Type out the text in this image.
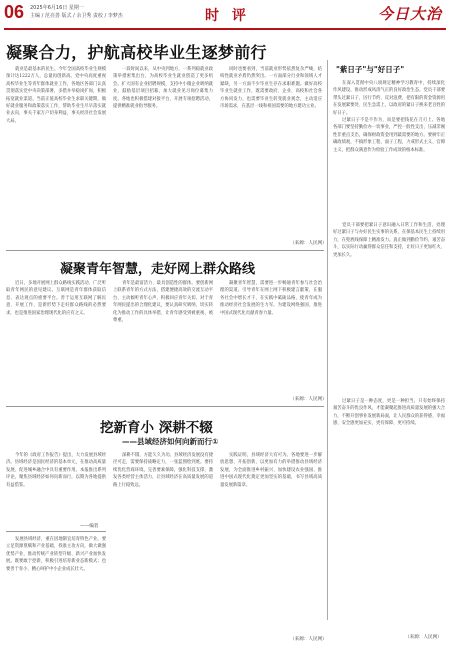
06 2025年6月16日 星期一
主编 / 范亮善 版式 / 余卫秀 责校 / 李梦杰	时 评	今日大治
凝聚合力，护航高校毕业生逐梦前行

就业是最基本的民生。今年全国高校毕业生规模预计达1222万人，总量再创新高。党中央高度重视高校毕业生等青年群体就业工作，各地区各部门认真贯彻落实党中央决策部署，多措并举稳岗扩岗，积极拓宽就业渠道。当前正值高校毕业生求职关键期，做好就业服务和政策落实工作，帮助毕业生尽早落实就业去向，事关千家万户切身利益，事关经济社会发展大局。

一段时间以来，从中央到地方，一系列稳就业政策举措密集出台，为高校毕业生就业创造了更多机会。扩大国有企业招聘规模，支持中小微企业吸纳就业，鼓励基层项目招募，加大就业见习岗位募集力度。各地也积极搭建对接平台，开展专项招聘活动，提供精准就业指导服务。

同时也要看到，当前就业形势依然复杂严峻，结构性就业矛盾仍然突出。一方面部分行业和领域人才紧缺，另一方面不少毕业生存在求职难题。做好高校毕业生就业工作，既需要政府、企业、高校和社会各方协同发力，也需要毕业生转变就业观念，主动适应市场需求，在基层一线和祖国需要的地方建功立业。

（来源：人民网）
"紫日子"与"好日子"

在深入贯彻中央八项规定精神学习教育中，持续深化作风建设，推动形成风清气正的良好政治生态。党员干部要带头过紧日子，厉行节约、反对浪费，把有限的资金资源用在发展紧要处、民生急需上，以政府的紧日子换来老百姓的好日子。

过紧日子不是不作为，而是要把钱花在刀刃上。各地各部门要坚持勤俭办一切事业，严控一般性支出，压减非刚性非重点支出，确保财政资金用到最需要的地方。要树牢正确政绩观，不搞形象工程、面子工程，力戒形式主义、官僚主义，把群众满意作为检验工作成效的根本标准。

党员干部要把紧日子意识融入日常工作和生活，处理好过紧日子与办好民生实事的关系，在保基本民生上持续用力，在兜底线保障上精准发力。真正做到勤俭节约、艰苦奋斗，以实际行动赢得群众信任和支持，让好日子更加红火、更加长久。

过紧日子是一种态度，更是一种担当。只有始终保持艰苦奋斗的优良作风，才能凝聚起推进高质量发展的强大合力，不断开创事业发展新局面，让人民群众的获得感、幸福感、安全感更加充实、更有保障、更可持续。

（来源：人民网）
凝聚青年智慧，走好网上群众路线

近日，多地开展网上群众路线实践活动，广泛听取青年网民的意见建议。互联网是青年群体获取信息、表达观点的重要平台。善于运用互联网了解民意、开展工作，是新形势下走好群众路线的必然要求，也是推进国家治理现代化的应有之义。

青年是最富活力、最具创造性的群体。要创新网上联系青年的方式方法，搭建便捷高效的交流互动平台，主动倾听青年心声，积极回应青年关切。对于青年网民提出的合理化建议，要认真研究吸纳，切实转化为推动工作的具体举措，让青年感受到被重视、被尊重。

凝聚青年智慧，需要进一步畅通青年参与社会治理的渠道。引导青年在网上网下积极建言献策，在服务社会中增长才干，在实践中砥砺品格，使青年成为推动经济社会发展的生力军，为建设网络强国、推进中国式现代化贡献青春力量。

（来源：人民网）
挖新育小 深耕不辍
——县域经济如何向新而行①

今年的《政府工作报告》提出，大力发展县域经济。县域经济是国民经济的基本单元，在推动高质量发展、促进城乡融合中具有重要作用。本报推出系列评论，聚焦县域经济如何向新而行，以期为各地提供有益借鉴。

——编者

发展县域经济，重在因地制宜培育特色产业。要立足资源禀赋和产业基础，找准主攻方向，做大做强优势产业，推动传统产业转型升级、新兴产业加快发展。既要敢于挖新，积极引进培育新业态新模式；也要善于育小，精心呵护中小企业成长壮大。

深耕不辍，方能久久为功。县域经济发展没有捷径可走，需要保持战略定力，一张蓝图绘到底。要持续优化营商环境，完善要素保障，强化科技支撑，激发各类经营主体活力，让县域经济在高质量发展的道路上行稳致远。

实践证明，县域经济大有可为。各地要进一步解放思想、开拓创新，以更加有力的举措推动县域经济发展，为全面推进乡村振兴、加快建设农业强国、推进中国式现代化奠定更加坚实的基础，书写县域高质量发展新篇章。

（来源：人民网）
